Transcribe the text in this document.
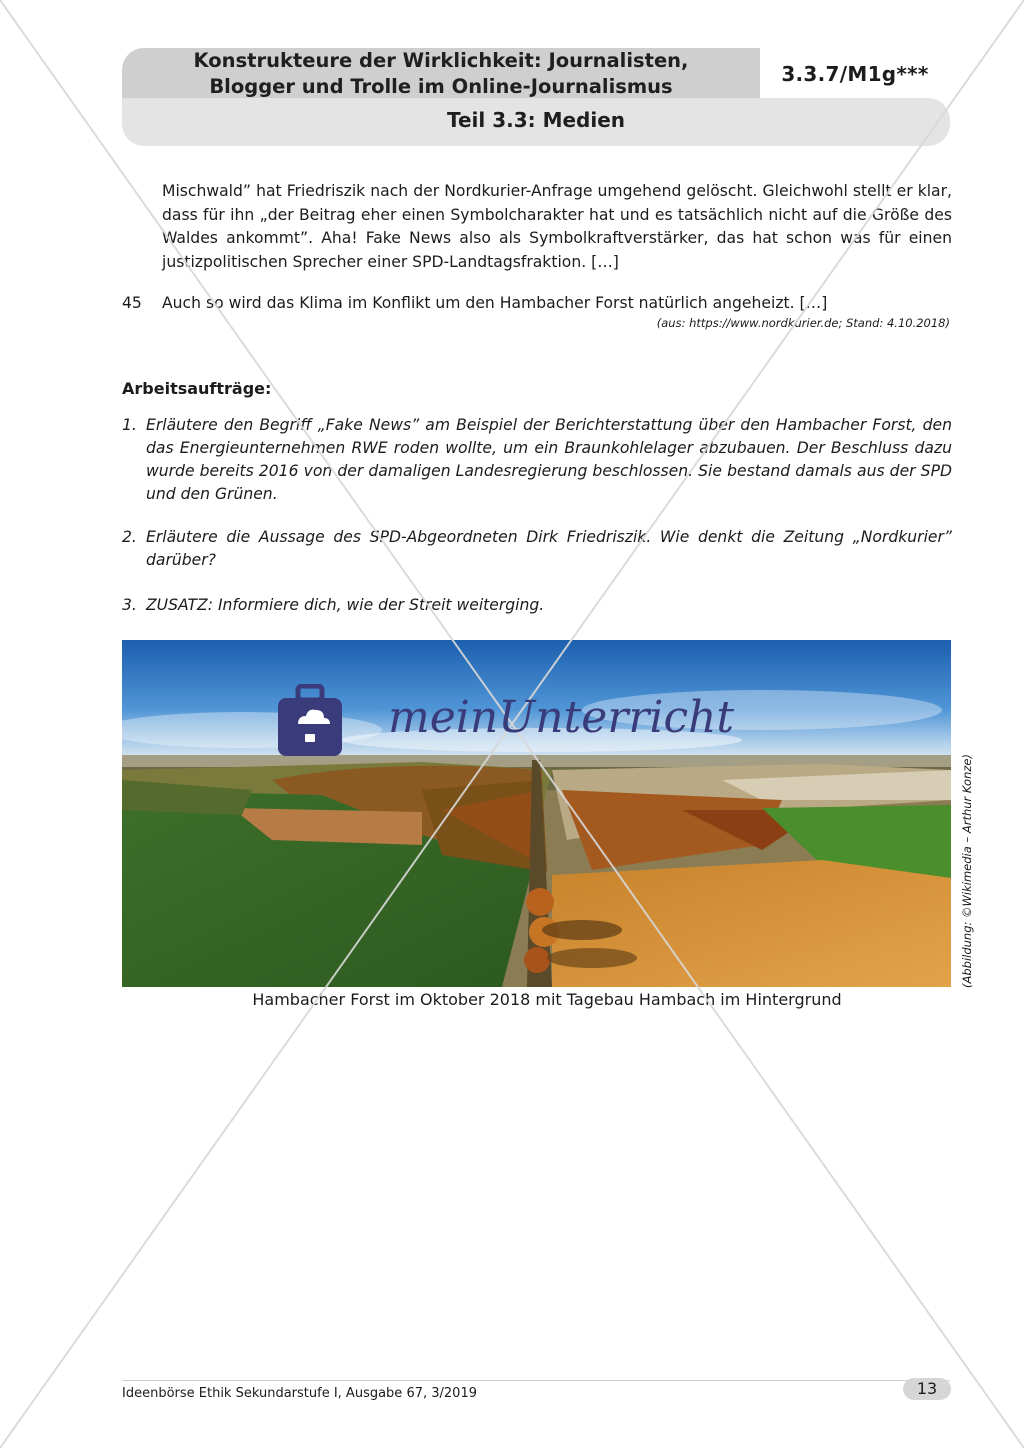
Konstrukteure der Wirklichkeit: Journalisten,
Blogger und Trolle im Online-Journalismus
3.3.7/M1g***
Teil 3.3: Medien
Mischwald” hat Friedriszik nach der Nordkurier-Anfrage umgehend gelöscht. Gleichwohl stellt er klar, dass für ihn „der Beitrag eher einen Symbolcharakter hat und es tatsächlich nicht auf die Größe des Waldes ankommt”. Aha! Fake News also als Symbolkraftverstärker, das hat schon was für einen justizpolitischen Sprecher einer SPD-Landtagsfraktion. […]
45 Auch so wird das Klima im Konflikt um den Hambacher Forst natürlich angeheizt. […]
(aus: https://www.nordkurier.de; Stand: 4.10.2018)
Arbeitsaufträge:
1. Erläutere den Begriff „Fake News” am Beispiel der Berichterstattung über den Hambacher Forst, den das Energieunternehmen RWE roden wollte, um ein Braunkohlelager abzubauen. Der Beschluss dazu wurde bereits 2016 von der damaligen Landesregierung beschlossen. Sie bestand damals aus der SPD und den Grünen.
2. Erläutere die Aussage des SPD-Abgeordneten Dirk Friedriszik. Wie denkt die Zeitung „Nordkurier” darüber?
3. ZUSATZ: Informiere dich, wie der Streit weiterging.
(Abbildung: ©Wikimedia – Arthur Konze)
Hambacher Forst im Oktober 2018 mit Tagebau Hambach im Hintergrund
meinUnterricht
Ideenbörse Ethik Sekundarstufe I, Ausgabe 67, 3/2019	13
